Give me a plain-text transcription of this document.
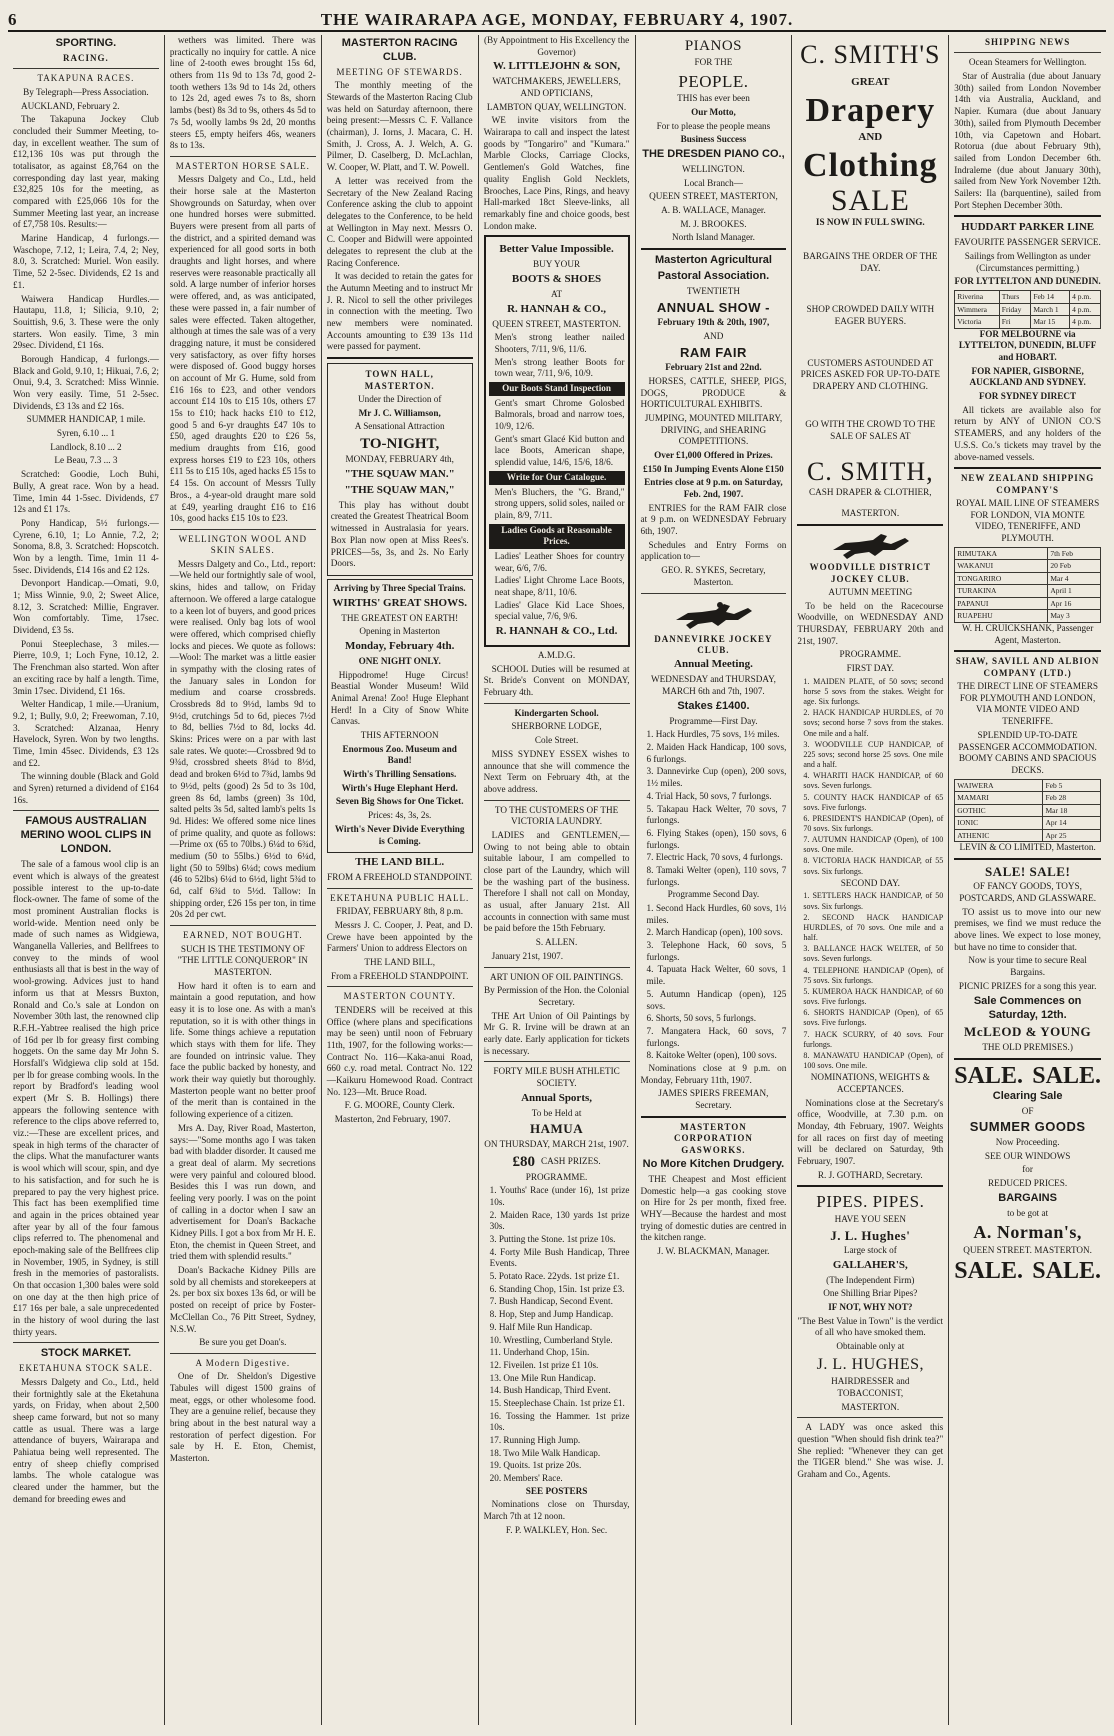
6	THE WAIRARAPA AGE, MONDAY, FEBRUARY 4, 1907.
SPORTING.
RACING.
TAKAPUNA RACES.

By Telegraph—Press Association.

AUCKLAND, February 2.

The Takapuna Jockey Club concluded their Summer Meeting, to-day, in excellent weather. The sum of £12,136 10s was put through the totalisator, as against £8,764 on the corresponding day last year, making £32,825 10s for the meeting, as compared with £25,066 10s for the Summer Meeting last year, an increase of £7,758 10s. Results:—

Marine Handicap, 4 furlongs.—Waschope, 7.12, 1; Leira, 7.4, 2; Ney, 8.0, 3. Scratched: Muriel. Won easily. Time, 52 2-5sec. Dividends, £2 1s and £1.

Waiwera Handicap Hurdles.—Hautapu, 11.8, 1; Silicia, 9.10, 2; Souittish, 9.6, 3. These were the only starters. Won easily. Time, 3 min 29sec. Dividend, £1 16s.

Borough Handicap, 4 furlongs.—Black and Gold, 9.10, 1; Hikuai, 7.6, 2; Onui, 9.4, 3. Scratched: Miss Winnie. Won very easily. Time, 51 2-5sec. Dividends, £3 13s and £2 16s.

SUMMER HANDICAP, 1 mile.

Syren, 6.10 ... 1

Landlock, 8.10 ... 2

Le Beau, 7.3 ... 3

Scratched: Goodie, Loch Buhi, Bully, A great race. Won by a head. Time, 1min 44 1-5sec. Dividends, £7 12s and £1 17s.

Pony Handicap, 5½ furlongs.—Cyrene, 6.10, 1; Lo Annie, 7.2, 2; Sonoma, 8.8, 3. Scratched: Hopscotch. Won by a length. Time, 1min 11 4-5sec. Dividends, £14 16s and £2 12s.

Devonport Handicap.—Omati, 9.0, 1; Miss Winnie, 9.0, 2; Sweet Alice, 8.12, 3. Scratched: Millie, Engraver. Won comfortably. Time, 17sec. Dividend, £3 5s.

Ponui Steeplechase, 3 miles.—Pierre, 10.9, 1; Loch Fyne, 10.12, 2. The Frenchman also started. Won after an exciting race by half a length. Time, 3min 17sec. Dividend, £1 16s.

Welter Handicap, 1 mile.—Uranium, 9.2, 1; Bully, 9.0, 2; Freewoman, 7.10, 3. Scratched: Alzanaa, Henry Havelock, Syren. Won by two lengths. Time, 1min 45sec. Dividends, £3 12s and £2.

The winning double (Black and Gold and Syren) returned a dividend of £164 16s.

FAMOUS AUSTRALIAN MERINO WOOL CLIPS IN LONDON.

The sale of a famous wool clip is an event which is always of the greatest possible interest to the up-to-date flock-owner. The fame of some of the most prominent Australian flocks is world-wide. Mention need only be made of such names as Widgiewa, Wanganella Valleries, and Bellfrees to convey to the minds of wool enthusiasts all that is best in the way of wool-growing. Advices just to hand inform us that at Messrs Buxton, Ronald and Co.'s sale at London on November 30th last, the renowned clip R.F.H.-Yabtree realised the high price of 16d per lb for greasy first combing hoggets. On the same day Mr John S. Horsfall's Widgiewa clip sold at 15d. per lb for grease combing wools. In the report by Bradford's leading wool expert (Mr S. B. Hollings) there appears the following sentence with reference to the clips above referred to, viz.:—These are excellent prices, and speak in high terms of the character of the clips. What the manufacturer wants is wool which will scour, spin, and dye to his satisfaction, and for such he is prepared to pay the very highest price. This fact has been exemplified time and again in the prices obtained year after year by all of the four famous clips referred to. The phenomenal and epoch-making sale of the Bellfrees clip in November, 1905, in Sydney, is still fresh in the memories of pastoralists. On that occasion 1,300 bales were sold on one day at the then high price of £17 16s per bale, a sale unprecedented in the history of wool during the last thirty years.

STOCK MARKET.
EKETAHUNA STOCK SALE.

Messrs Dalgety and Co., Ltd., held their fortnightly sale at the Eketahuna yards, on Friday, when about 2,500 sheep came forward, but not so many cattle as usual. There was a large attendance of buyers, Wairarapa and Pahiatua being well represented. The entry of sheep chiefly comprised lambs. The whole catalogue was cleared under the hammer, but the demand for breeding ewes and

wethers was limited. There was practically no inquiry for cattle. A nice line of 2-tooth ewes brought 15s 6d, others from 11s 9d to 13s 7d, good 2-tooth wethers 13s 9d to 14s 2d, others to 12s 2d, aged ewes 7s to 8s, shorn lambs (best) 8s 3d to 9s, others 4s 5d to 7s 5d, woolly lambs 9s 2d, 20 months steers £5, empty heifers 46s, weaners 8s to 13s.

MASTERTON HORSE SALE.

Messrs Dalgety and Co., Ltd., held their horse sale at the Masterton Showgrounds on Saturday, when over one hundred horses were submitted. Buyers were present from all parts of the district, and a spirited demand was experienced for all good sorts in both draughts and light horses, and where reserves were reasonable practically all sold. A large number of inferior horses were offered, and, as was anticipated, these were passed in, a fair number of sales were effected. Taken altogether, although at times the sale was of a very dragging nature, it must be considered very satisfactory, as over fifty horses were disposed of. Good buggy horses on account of Mr G. Hume, sold from £16 16s to £23, and other vendors account £14 10s to £15 10s, others £7 15s to £10; hack hacks £10 to £12, good 5 and 6-yr draughts £47 10s to £50, aged draughts £20 to £26 5s, medium draughts from £16, good express horses £19 to £23 10s, others £11 5s to £15 10s, aged hacks £5 15s to £4 15s. On account of Messrs Tully Bros., a 4-year-old draught mare sold at £49, yearling draught £16 to £16 10s, good hacks £15 10s to £23.

WELLINGTON WOOL AND SKIN SALES.

Messrs Dalgety and Co., Ltd., report:—We held our fortnightly sale of wool, skins, hides and tallow, on Friday afternoon. We offered a large catalogue to a keen lot of buyers, and good prices were realised. Only bag lots of wool were offered, which comprised chiefly locks and pieces. We quote as follows:—Wool: The market was a little easier in sympathy with the closing rates of the January sales in London for medium and coarse crossbreds. Crossbreds 8d to 9½d, lambs 9d to 9½d, crutchings 5d to 6d, pieces 7½d to 8d, bellies 7½d to 8d, locks 4d. Skins: Prices were on a par with last sale rates. We quote:—Crossbred 9d to 9¾d, crossbred sheets 8¼d to 8½d, dead and broken 6½d to 7¾d, lambs 9d to 9½d, pelts (good) 2s 5d to 3s 10d, green 8s 6d, lambs (green) 3s 10d, salted pelts 3s 5d, salted lamb's pelts 1s 9d. Hides: We offered some nice lines of prime quality, and quote as follows:—Prime ox (65 to 70lbs.) 6¼d to 6¾d, medium (50 to 55lbs.) 6½d to 6¼d, light (50 to 59lbs) 6¼d; cows medium (46 to 52lbs) 6¼d to 6½d, light 5¾d to 6d, calf 6¾d to 5½d. Tallow: In shipping order, £26 15s per ton, in time 20s 2d per cwt.

EARNED, NOT BOUGHT.

SUCH IS THE TESTIMONY OF "THE LITTLE CONQUEROR" IN MASTERTON.

How hard it often is to earn and maintain a good reputation, and how easy it is to lose one. As with a man's reputation, so it is with other things in life. Some things achieve a reputation which stays with them for life. They are founded on intrinsic value. They face the public backed by honesty, and work their way quietly but thoroughly. Masterton people want no better proof of the merit than is contained in the following experience of a citizen.

Mrs A. Day, River Road, Masterton, says:—"Some months ago I was taken bad with bladder disorder. It caused me a great deal of alarm. My secretions were very painful and coloured blood. Besides this I was run down, and feeling very poorly. I was on the point of calling in a doctor when I saw an advertisement for Doan's Backache Kidney Pills. I got a box from Mr H. E. Eton, the chemist in Queen Street, and tried them with splendid results."

Doan's Backache Kidney Pills are sold by all chemists and storekeepers at 2s. per box six boxes 13s 6d, or will be posted on receipt of price by Foster-McClellan Co., 76 Pitt Street, Sydney, N.S.W.

Be sure you get Doan's.

A Modern Digestive.

One of Dr. Sheldon's Digestive Tabules will digest 1500 grains of meat, eggs, or other wholesome food. They are a genuine relief, because they bring about in the best natural way a restoration of perfect digestion. For sale by H. E. Eton, Chemist, Masterton.

MASTERTON RACING CLUB.
MEETING OF STEWARDS.

The monthly meeting of the Stewards of the Masterton Racing Club was held on Saturday afternoon, there being present:—Messrs C. F. Vallance (chairman), J. Iorns, J. Macara, C. H. Smith, J. Cross, A. J. Welch, A. G. Pilmer, D. Caselberg, D. McLachlan, W. Cooper, W. Platt, and T. W. Powell.

A letter was received from the Secretary of the New Zealand Racing Conference asking the club to appoint delegates to the Conference, to be held at Wellington in May next. Messrs O. C. Cooper and Bidwill were appointed delegates to represent the club at the Racing Conference.

It was decided to retain the gates for the Autumn Meeting and to instruct Mr J. R. Nicol to sell the other privileges in connection with the meeting. Two new members were nominated. Accounts amounting to £39 13s 11d were passed for payment.

TOWN HALL, MASTERTON.

Under the Direction of

Mr J. C. Williamson,

A Sensational Attraction

TO-NIGHT,

MONDAY, FEBRUARY 4th,

"THE SQUAW MAN."
"THE SQUAW MAN,"

This play has without doubt created the Greatest Theatrical Boom witnessed in Australasia for years. Box Plan now open at Miss Rees's. PRICES—5s, 3s, and 2s. No Early Doors.

Arriving by Three Special Trains.

WIRTHS' GREAT SHOWS.

THE GREATEST ON EARTH!

Opening in Masterton

Monday, February 4th.

ONE NIGHT ONLY.

Hippodrome! Huge Circus! Beastial Wonder Museum! Wild Animal Arena! Zoo! Huge Elephant Herd! In a City of Snow White Canvas.

THIS AFTERNOON

Enormous Zoo. Museum and Band!

Wirth's Thrilling Sensations.

Wirth's Huge Elephant Herd.

Seven Big Shows for One Ticket.

Prices: 4s, 3s, 2s.

Wirth's Never Divide Everything is Coming.

THE LAND BILL.

FROM A FREEHOLD STANDPOINT.

EKETAHUNA PUBLIC HALL.

FRIDAY, FEBRUARY 8th, 8 p.m.

Messrs J. C. Cooper, J. Peat, and D. Crewe have been appointed by the Farmers' Union to address Electors on

THE LAND BILL,

From a FREEHOLD STANDPOINT.

MASTERTON COUNTY.

TENDERS will be received at this Office (where plans and specifications may be seen) until noon of February 11th, 1907, for the following works:— Contract No. 116—Kaka-anui Road, 660 c.y. road metal. Contract No. 122—Kaikuru Homewood Road. Contract No. 123—Mt. Bruce Road.

F. G. MOORE, County Clerk.

Masterton, 2nd February, 1907.

(By Appointment to His Excellency the Governor)

W. LITTLEJOHN & SON,

WATCHMAKERS, JEWELLERS, AND OPTICIANS,

LAMBTON QUAY, WELLINGTON.

WE invite visitors from the Wairarapa to call and inspect the latest goods by "Tongariro" and "Kumara." Marble Clocks, Carriage Clocks, Gentlemen's Gold Watches, fine quality English Gold Necklets, Brooches, Lace Pins, Rings, and heavy Hall-marked 18ct Sleeve-links, all remarkably fine and choice goods, best London make.

Better Value Impossible.

BUY YOUR

BOOTS & SHOES

AT

R. HANNAH & CO.,

QUEEN STREET, MASTERTON.

Men's strong leather nailed Shooters, 7/11, 9/6, 11/6.

Men's strong leather Boots for town wear, 7/11, 9/6, 10/9.

Our Boots Stand Inspection

Gent's smart Chrome Golosbed Balmorals, broad and narrow toes, 10/9, 12/6.

Gent's smart Glacé Kid button and lace Boots, American shape, splendid value, 14/6, 15/6, 18/6.

Write for Our Catalogue.

Men's Bluchers, the "G. Brand," strong uppers, solid soles, nailed or plain, 8/9, 7/11.

Ladies Goods at Reasonable Prices.

Ladies' Leather Shoes for country wear, 6/6, 7/6.

Ladies' Light Chrome Lace Boots, neat shape, 8/11, 10/6.

Ladies' Glace Kid Lace Shoes, special value, 7/6, 9/6.

R. HANNAH & CO., Ltd.

A.M.D.G.

SCHOOL Duties will be resumed at St. Bride's Convent on MONDAY, February 4th.

Kindergarten School.

SHERBORNE LODGE,

Cole Street.

MISS SYDNEY ESSEX wishes to announce that she will commence the Next Term on February 4th, at the above address.

TO THE CUSTOMERS OF THE VICTORIA LAUNDRY.

LADIES and GENTLEMEN,—Owing to not being able to obtain suitable labour, I am compelled to close part of the Laundry, which will be the washing part of the business. Therefore I shall not call on Monday, as usual, after January 21st. All accounts in connection with same must be paid before the 15th February.

S. ALLEN.

January 21st, 1907.

ART UNION OF OIL PAINTINGS.

By Permission of the Hon. the Colonial Secretary.

THE Art Union of Oil Paintings by Mr G. R. Irvine will be drawn at an early date. Early application for tickets is necessary.

FORTY MILE BUSH ATHLETIC SOCIETY.

Annual Sports,

To be Held at

HAMUA

ON THURSDAY, MARCH 21st, 1907.

£80 CASH PRIZES.

PROGRAMME.

1. Youths' Race (under 16), 1st prize 10s.

2. Maiden Race, 130 yards 1st prize 30s.

3. Putting the Stone. 1st prize 10s.

4. Forty Mile Bush Handicap, Three Events.

5. Potato Race. 22yds. 1st prize £1.

6. Standing Chop, 15in. 1st prize £3.

7. Bush Handicap, Second Event.

8. Hop, Step and Jump Handicap.

9. Half Mile Run Handicap.

10. Wrestling, Cumberland Style.

11. Underhand Chop, 15in.

12. Fiveilen. 1st prize £1 10s.

13. One Mile Run Handicap.

14. Bush Handicap, Third Event.

15. Steeplechase Chain. 1st prize £1.

16. Tossing the Hammer. 1st prize 10s.

17. Running High Jump.

18. Two Mile Walk Handicap.

19. Quoits. 1st prize 20s.

20. Members' Race.

SEE POSTERS

Nominations close on Thursday, March 7th at 12 noon.

F. P. WALKLEY, Hon. Sec.

PIANOS

FOR THE

PEOPLE.

THIS has ever been

Our Motto,

For to please the people means

Business Success

THE DRESDEN PIANO CO.,

WELLINGTON.

Local Branch—

QUEEN STREET, MASTERTON,

A. B. WALLACE, Manager.

M. J. BROOKES.

North Island Manager.

Masterton Agricultural
Pastoral Association.

TWENTIETH

ANNUAL SHOW -

February 19th & 20th, 1907,

AND

RAM FAIR

February 21st and 22nd.

HORSES, CATTLE, SHEEP, PIGS, DOGS, PRODUCE & HORTICULTURAL EXHIBITS.

JUMPING, MOUNTED MILITARY, DRIVING, and SHEARING COMPETITIONS.

Over £1,000 Offered in Prizes.

£150 In Jumping Events Alone £150

Entries close at 9 p.m. on Saturday, Feb. 2nd, 1907.

ENTRIES for the RAM FAIR close at 9 p.m. on WEDNESDAY February 6th, 1907.

Schedules and Entry Forms on application to—

GEO. R. SYKES, Secretary, Masterton.

DANNEVIRKE JOCKEY CLUB.
Annual Meeting.

WEDNESDAY and THURSDAY, MARCH 6th and 7th, 1907.

Stakes £1400.

Programme—First Day.

1. Hack Hurdles, 75 sovs, 1½ miles.

2. Maiden Hack Handicap, 100 sovs, 6 furlongs.

3. Dannevirke Cup (open), 200 sovs, 1½ miles.

4. Trial Hack, 50 sovs, 7 furlongs.

5. Takapau Hack Welter, 70 sovs, 7 furlongs.

6. Flying Stakes (open), 150 sovs, 6 furlongs.

7. Electric Hack, 70 sovs, 4 furlongs.

8. Tamaki Welter (open), 110 sovs, 7 furlongs.

Programme Second Day.

1. Second Hack Hurdles, 60 sovs, 1½ miles.

2. March Handicap (open), 100 sovs.

3. Telephone Hack, 60 sovs, 5 furlongs.

4. Tapuata Hack Welter, 60 sovs, 1 mile.

5. Autumn Handicap (open), 125 sovs.

6. Shorts, 50 sovs, 5 furlongs.

7. Mangatera Hack, 60 sovs, 7 furlongs.

8. Kaitoke Welter (open), 100 sovs.

Nominations close at 9 p.m. on Monday, February 11th, 1907.

JAMES SPIERS FREEMAN, Secretary.

MASTERTON CORPORATION GASWORKS.
No More Kitchen Drudgery.

THE Cheapest and Most efficient Domestic help—a gas cooking stove on Hire for 2s per month, fixed free. WHY—Because the hardest and most trying of domestic duties are centred in the kitchen range.

J. W. BLACKMAN, Manager.

C. SMITH'S
GREAT
Drapery
AND
Clothing
SALE

IS NOW IN FULL SWING.

BARGAINS THE ORDER OF THE DAY.

SHOP CROWDED DAILY WITH EAGER BUYERS.

CUSTOMERS ASTOUNDED AT PRICES ASKED FOR UP-TO-DATE DRAPERY AND CLOTHING.

GO WITH THE CROWD TO THE SALE OF SALES AT

C. SMITH,

CASH DRAPER & CLOTHIER,

MASTERTON.

WOODVILLE DISTRICT JOCKEY CLUB.

AUTUMN MEETING

To be held on the Racecourse Woodville, on WEDNESDAY AND THURSDAY, FEBRUARY 20th and 21st, 1907.

PROGRAMME.

FIRST DAY.

1. MAIDEN PLATE, of 50 sovs; second horse 5 sovs from the stakes. Weight for age. Six furlongs.

2. HACK HANDICAP HURDLES, of 70 sovs; second horse 7 sovs from the stakes. One mile and a half.

3. WOODVILLE CUP HANDICAP, of 225 sovs; second horse 25 sovs. One mile and a half.

4. WHARITI HACK HANDICAP, of 60 sovs. Seven furlongs.

5. COUNTY HACK HANDICAP of 65 sovs. Five furlongs.

6. PRESIDENT'S HANDICAP (Open), of 70 sovs. Six furlongs.

7. AUTUMN HANDICAP (Open), of 100 sovs. One mile.

8. VICTORIA HACK HANDICAP, of 55 sovs. Six furlongs.

SECOND DAY.

1. SETTLERS HACK HANDICAP, of 50 sovs. Six furlongs.

2. SECOND HACK HANDICAP HURDLES, of 70 sovs. One mile and a half.

3. BALLANCE HACK WELTER, of 50 sovs. Seven furlongs.

4. TELEPHONE HANDICAP (Open), of 75 sovs. Six furlongs.

5. KUMEROA HACK HANDICAP, of 60 sovs. Five furlongs.

6. SHORTS HANDICAP (Open), of 65 sovs. Five furlongs.

7. HACK SCURRY, of 40 sovs. Four furlongs.

8. MANAWATU HANDICAP (Open), of 100 sovs. One mile.

NOMINATIONS, WEIGHTS & ACCEPTANCES.

Nominations close at the Secretary's office, Woodville, at 7.30 p.m. on Monday, 4th February, 1907. Weights for all races on first day of meeting will be declared on Saturday, 9th February, 1907.

R. J. GOTHARD, Secretary.

PIPES. PIPES.

HAVE YOU SEEN

J. L. Hughes'

Large stock of

GALLAHER'S,

(The Independent Firm)

One Shilling Briar Pipes?

IF NOT, WHY NOT?

"The Best Value in Town" is the verdict of all who have smoked them.

Obtainable only at

J. L. HUGHES,

HAIRDRESSER and TOBACCONIST,

MASTERTON.

A LADY was once asked this question "When should fish drink tea?" She replied: "Whenever they can get the TIGER blend." She was wise. J. Graham and Co., Agents.

SHIPPING NEWS

Ocean Steamers for Wellington.

Star of Australia (due about January 30th) sailed from London November 14th via Australia, Auckland, and Napier. Kumara (due about January 30th), sailed from Plymouth December 10th, via Capetown and Hobart. Rotorua (due about February 9th), sailed from London December 6th. Indraleme (due about January 30th), sailed from New York November 12th. Sailers: Ila (barquentine), sailed from Port Stephen December 30th.

HUDDART PARKER LINE

FAVOURITE PASSENGER SERVICE.

Sailings from Wellington as under (Circumstances permitting.)

FOR LYTTELTON AND DUNEDIN.

Riverina	Thurs	Feb 14	4 p.m.
Wimmera	Friday	March 1	4 p.m.
Victoria	Fri	Mar 15	4 p.m.

FOR MELBOURNE via LYTTELTON, DUNEDIN, BLUFF and HOBART.

FOR NAPIER, GISBORNE, AUCKLAND AND SYDNEY.

FOR SYDNEY DIRECT

All tickets are available also for return by ANY of UNION CO.'S STEAMERS, and any holders of the U.S.S. Co.'s tickets may travel by the above-named vessels.

NEW ZEALAND SHIPPING COMPANY'S

ROYAL MAIL LINE OF STEAMERS FOR LONDON, VIA MONTE VIDEO, TENERIFFE, AND PLYMOUTH.

RIMUTAKA	7th Feb
WAKANUI	20 Feb
TONGARIRO	Mar 4
TURAKINA	April 1
PAPANUI	Apr 16
RUAPEHU	May 3

W. H. CRUICKSHANK, Passenger Agent, Masterton.

SHAW, SAVILL AND ALBION COMPANY (LTD.)

THE DIRECT LINE OF STEAMERS FOR PLYMOUTH AND LONDON, VIA MONTE VIDEO AND TENERIFFE.

SPLENDID UP-TO-DATE PASSENGER ACCOMMODATION. BOOMY CABINS AND SPACIOUS DECKS.

WAIWERA	Feb 5
MAMARI	Feb 28
GOTHIC	Mar 18
IONIC	Apr 14
ATHENIC	Apr 25

LEVIN & CO LIMITED, Masterton.

SALE! SALE!

OF FANCY GOODS, TOYS, POSTCARDS, AND GLASSWARE.

TO assist us to move into our new premises, we find we must reduce the above lines. We expect to lose money, but have no time to consider that.

Now is your time to secure Real Bargains.

PICNIC PRIZES for a song this year.

Sale Commences on Saturday, 12th.
McLEOD & YOUNG

THE OLD PREMISES.)

SALE. SALE.
Clearing Sale

OF

SUMMER GOODS

Now Proceeding.

SEE OUR WINDOWS

for

REDUCED PRICES.

BARGAINS

to be got at

A. Norman's,

QUEEN STREET. MASTERTON.

SALE. SALE.
